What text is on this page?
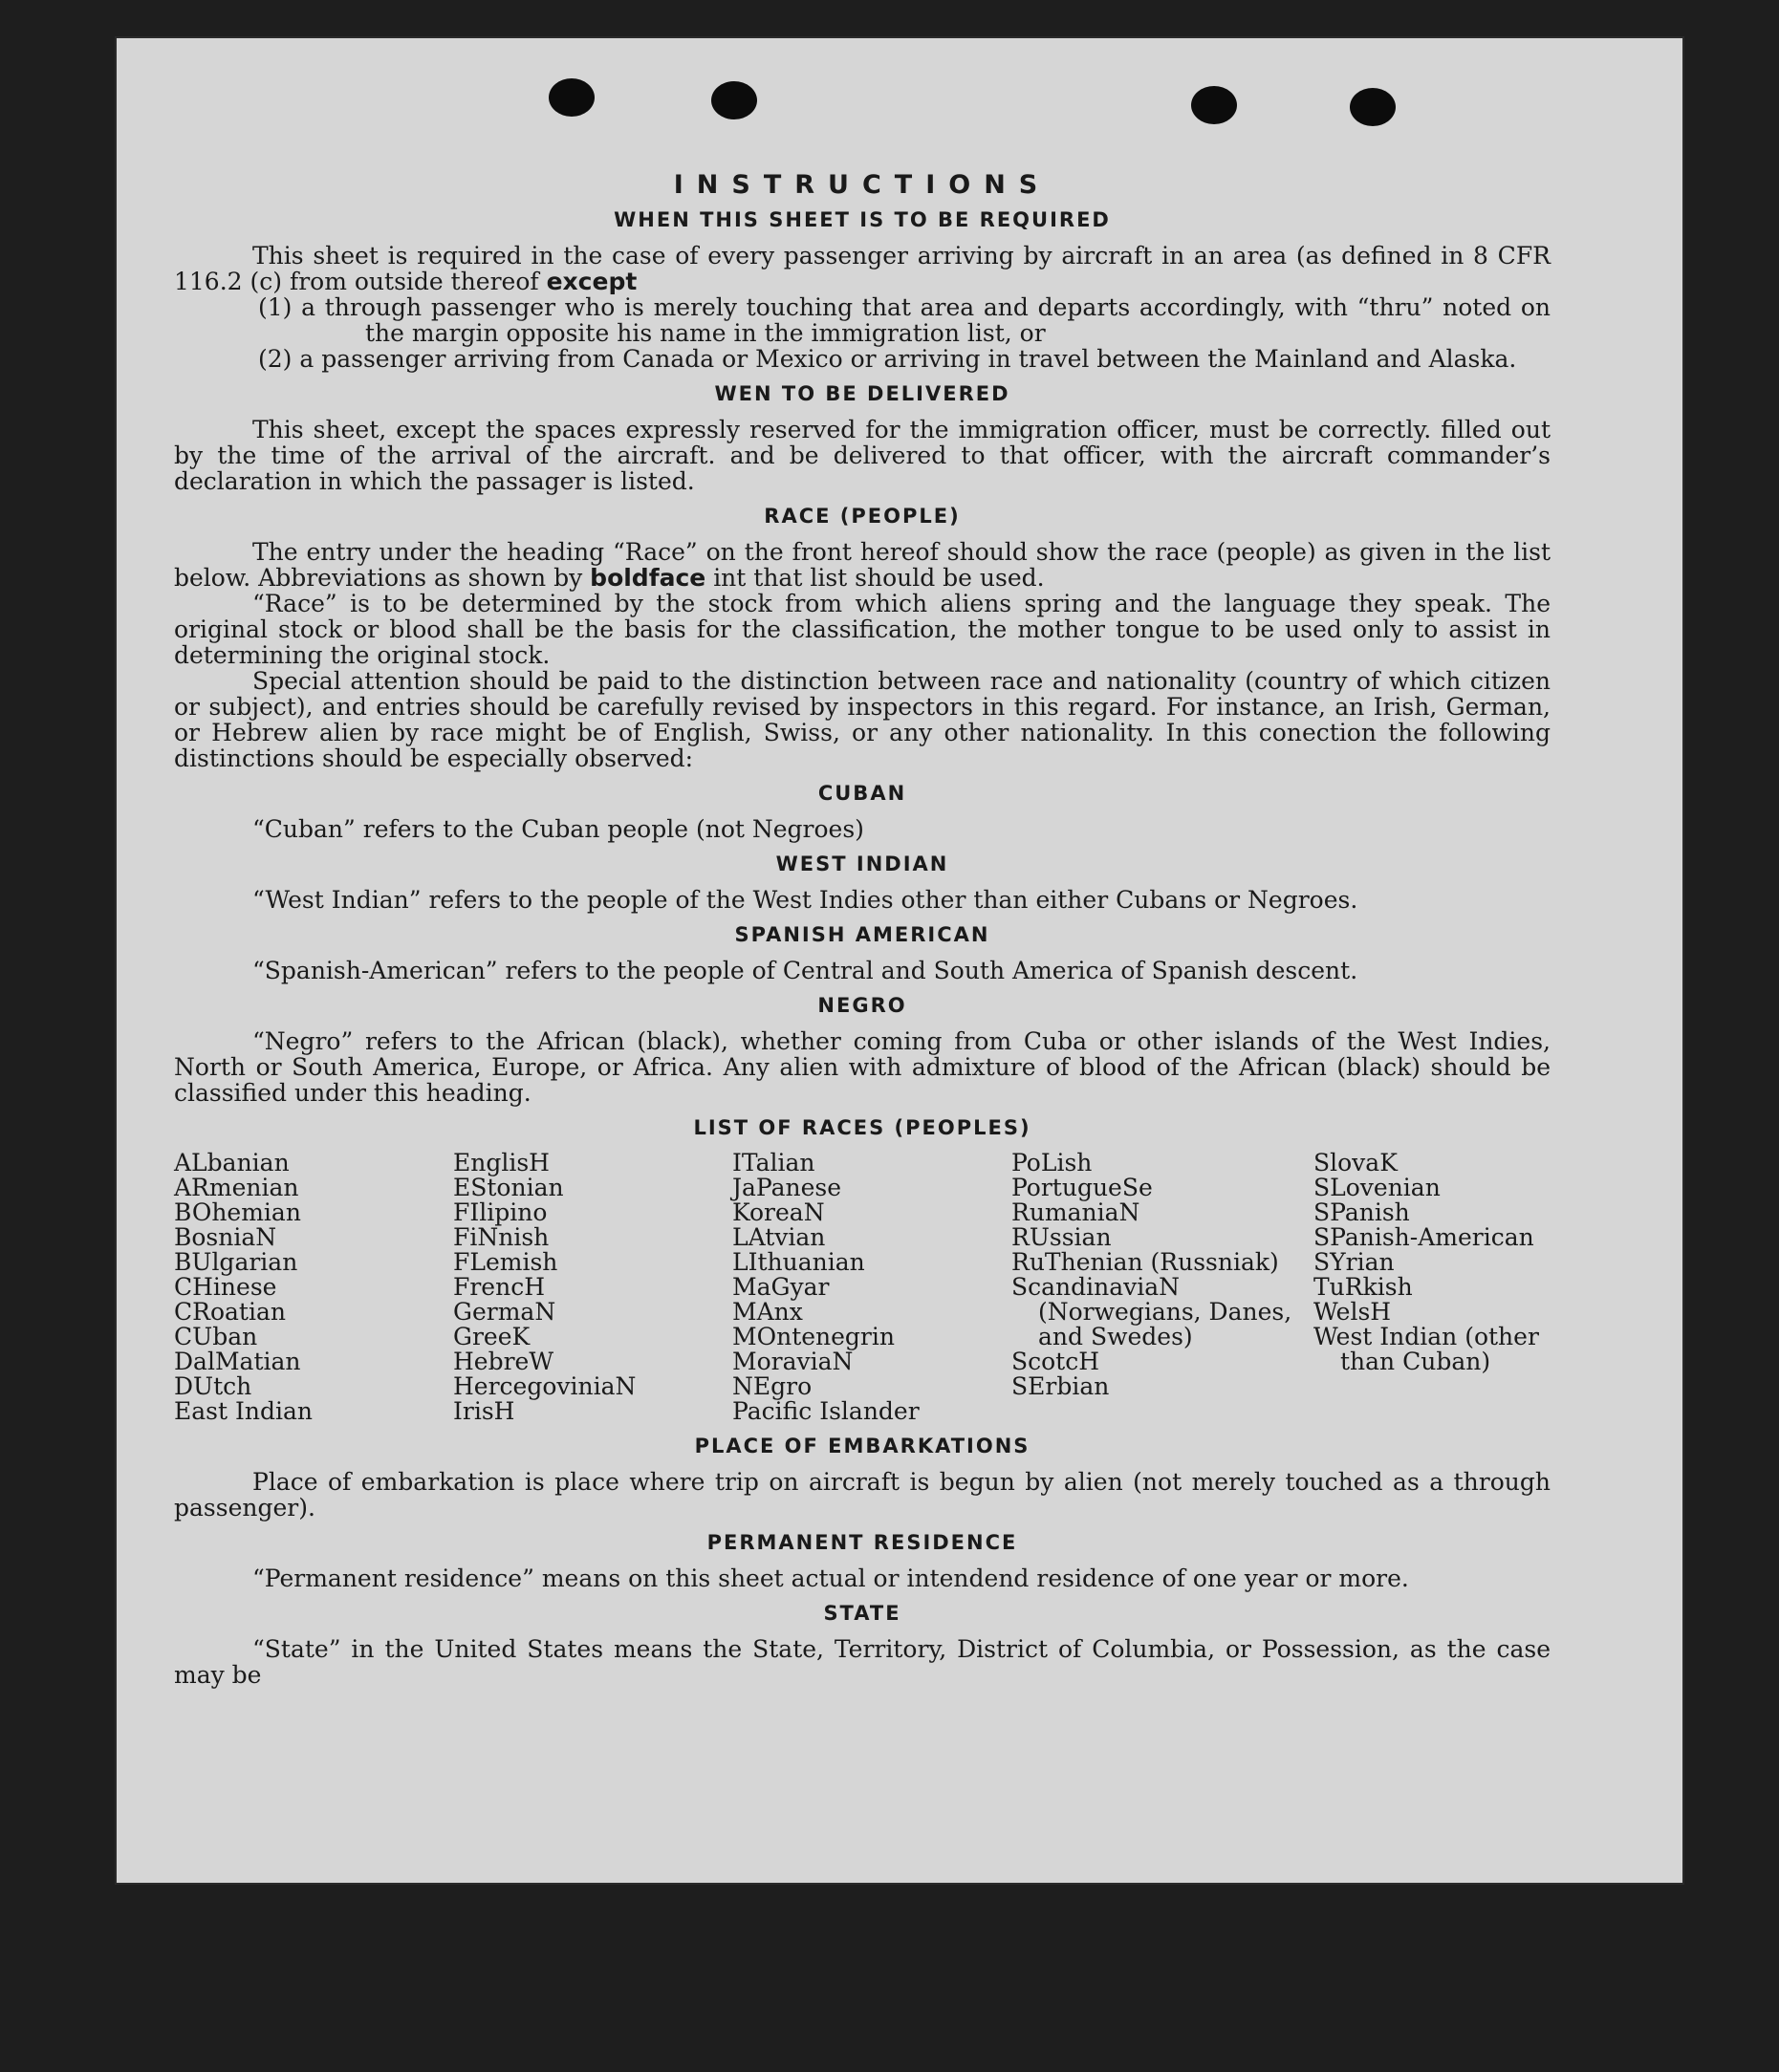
INSTRUCTIONS
WHEN THIS SHEET IS TO BE REQUIRED

This sheet is required in the case of every passenger arriving by aircraft in an area (as defined in 8 CFR 116.2 (c) from outside thereof except

(1) a through passenger who is merely touching that area and departs accordingly, with “thru” noted on the margin opposite his name in the immigration list, or

(2) a passenger arriving from Canada or Mexico or arriving in travel between the Mainland and Alaska.

WEN TO BE DELIVERED

This sheet, except the spaces expressly reserved for the immigration officer, must be correctly. filled out by the time of the arrival of the aircraft. and be delivered to that officer, with the aircraft commander’s declaration in which the passager is listed.

RACE (PEOPLE)

The entry under the heading “Race” on the front hereof should show the race (people) as given in the list below. Abbreviations as shown by boldface int that list should be used.

“Race” is to be determined by the stock from which aliens spring and the language they speak. The original stock or blood shall be the basis for the classification, the mother tongue to be used only to assist in determining the original stock.

Special attention should be paid to the distinction between race and nationality (country of which citizen or subject), and entries should be carefully revised by inspectors in this regard. For instance, an Irish, German, or Hebrew alien by race might be of English, Swiss, or any other nationality. In this conection the following distinctions should be especially observed:

CUBAN

“Cuban” refers to the Cuban people (not Negroes)

WEST INDIAN

“West Indian” refers to the people of the West Indies other than either Cubans or Negroes.

SPANISH AMERICAN

“Spanish-American” refers to the people of Central and South America of Spanish descent.

NEGRO

“Negro” refers to the African (black), whether coming from Cuba or other islands of the West Indies, North or South America, Europe, or Africa. Any alien with admixture of blood of the African (black) should be classified under this heading.

LIST OF RACES (PEOPLES)
ALbanian
ARmenian
BOhemian
BosniaN
BUlgarian
CHinese
CRoatian
CUban
DalMatian
DUtch
East Indian
EnglisH
EStonian
FIlipino
FiNnish
FLemish
FrencH
GermaN
GreeK
HebreW
HercegoviniaN
IrisH
ITalian
JaPanese
KoreaN
LAtvian
LIthuanian
MaGyar
MAnx
MOntenegrin
MoraviaN
NEgro
Pacific Islander
PoLish
PortugueSe
RumaniaN
RUssian
RuThenian (Russniak)
ScandinaviaN (Norwegians, Danes, and Swedes)
ScotcH
SErbian
SlovaK
SLovenian
SPanish
SPanish-American
SYrian
TuRkish
WelsH
West Indian (other than Cuban)
PLACE OF EMBARKATIONS

Place of embarkation is place where trip on aircraft is begun by alien (not merely touched as a through passenger).

PERMANENT RESIDENCE

“Permanent residence” means on this sheet actual or intendend residence of one year or more.

STATE

“State” in the United States means the State, Territory, District of Columbia, or Possession, as the case may be
